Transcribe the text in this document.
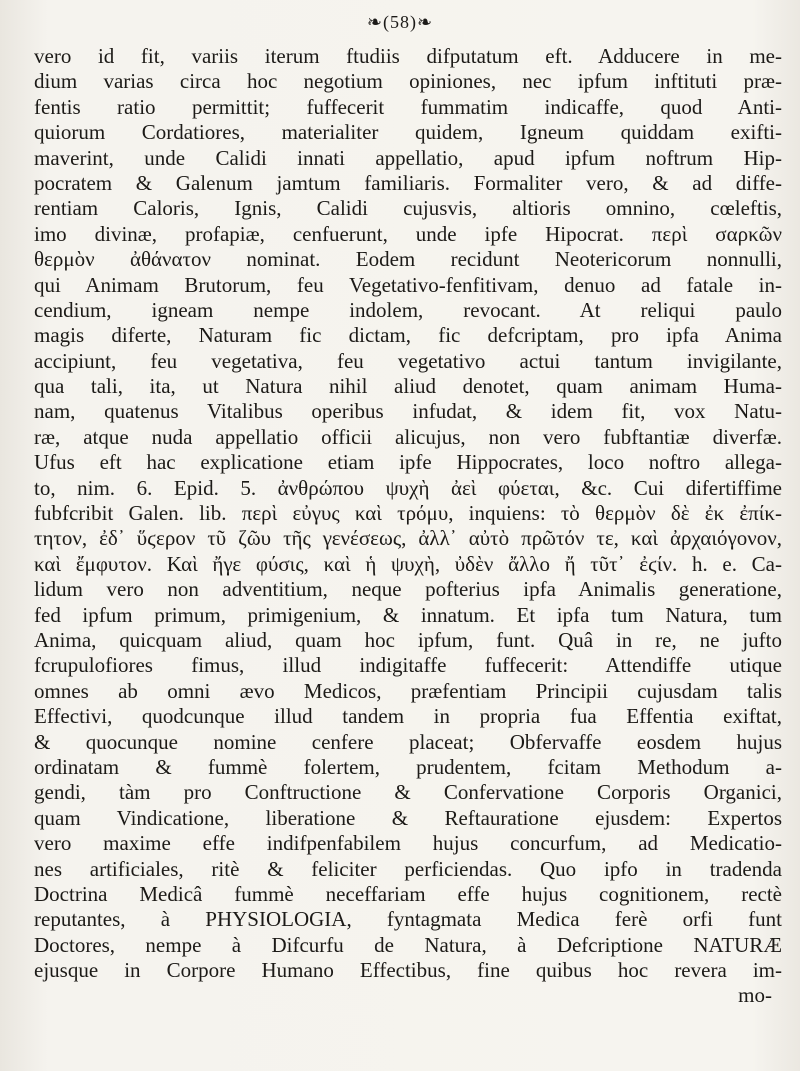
❧(58)❧
vero id fit, variis iterum ftudiis difputatum eft. Adducere in me-
dium varias circa hoc negotium opiniones, nec ipfum inftituti præ-
fentis ratio permittit; fuffecerit fummatim indicaffe, quod Anti-
quiorum Cordatiores, materialiter quidem, Igneum quiddam exifti-
maverint, unde Calidi innati appellatio, apud ipfum noftrum Hip-
pocratem & Galenum jamtum familiaris. Formaliter vero, & ad diffe-
rentiam Caloris, Ignis, Calidi cujusvis, altioris omnino, cœleftis,
imo divinæ, profapiæ, cenfuerunt, unde ipfe Hipocrat. περὶ σαρκῶν
θερμὸν ἀθάνατον nominat. Eodem recidunt Neotericorum nonnulli,
qui Animam Brutorum, feu Vegetativo-fenfitivam, denuo ad fatale in-
cendium, igneam nempe indolem, revocant. At reliqui paulo
magis diferte, Naturam fic dictam, fic defcriptam, pro ipfa Anima
accipiunt, feu vegetativa, feu vegetativo actui tantum invigilante,
qua tali, ita, ut Natura nihil aliud denotet, quam animam Huma-
nam, quatenus Vitalibus operibus infudat, & idem fit, vox Natu-
ræ, atque nuda appellatio officii alicujus, non vero fubftantiæ diverfæ.
Ufus eft hac explicatione etiam ipfe Hippocrates, loco noftro allega-
to, nim. 6. Epid. 5. ἀνθρώπου ψυχὴ ἀεὶ φύεται, &c. Cui difertiffime
fubfcribit Galen. lib. περὶ εὐγυς καὶ τρόμυ, inquiens: τὸ θερμὸν δὲ ἐκ ἐπίκ-
τητον, ἐδ᾽ ὕϛερον τῦ ζῶυ τῆς γενέσεως, ἀλλ᾽ αὐτὸ πρῶτόν τε, καὶ ἀρχαιόγονον,
καὶ ἔμφυτον. Καὶ ἤγε φύσις, καὶ ἡ ψυχὴ, ὐδὲν ἄλλο ἤ τῦτ᾽ ἐϛίν. h. e. Ca-
lidum vero non adventitium, neque pofterius ipfa Animalis generatione,
fed ipfum primum, primigenium, & innatum. Et ipfa tum Natura, tum
Anima, quicquam aliud, quam hoc ipfum, funt. Quâ in re, ne jufto
fcrupulofiores fimus, illud indigitaffe fuffecerit: Attendiffe utique
omnes ab omni ævo Medicos, præfentiam Principii cujusdam talis
Effectivi, quodcunque illud tandem in propria fua Effentia exiftat,
& quocunque nomine cenfere placeat; Obfervaffe eosdem hujus
ordinatam & fummè folertem, prudentem, fcitam Methodum a-
gendi, tàm pro Conftructione & Confervatione Corporis Organici,
quam Vindicatione, liberatione & Reftauratione ejusdem: Expertos
vero maxime effe indifpenfabilem hujus concurfum, ad Medicatio-
nes artificiales, ritè & feliciter perficiendas. Quo ipfo in tradenda
Doctrina Medicâ fummè neceffariam effe hujus cognitionem, rectè
reputantes, à PHYSIOLOGIA, fyntagmata Medica ferè orfi funt
Doctores, nempe à Difcurfu de Natura, à Defcriptione NATURÆ
ejusque in Corpore Humano Effectibus, fine quibus hoc revera im-
mo-
